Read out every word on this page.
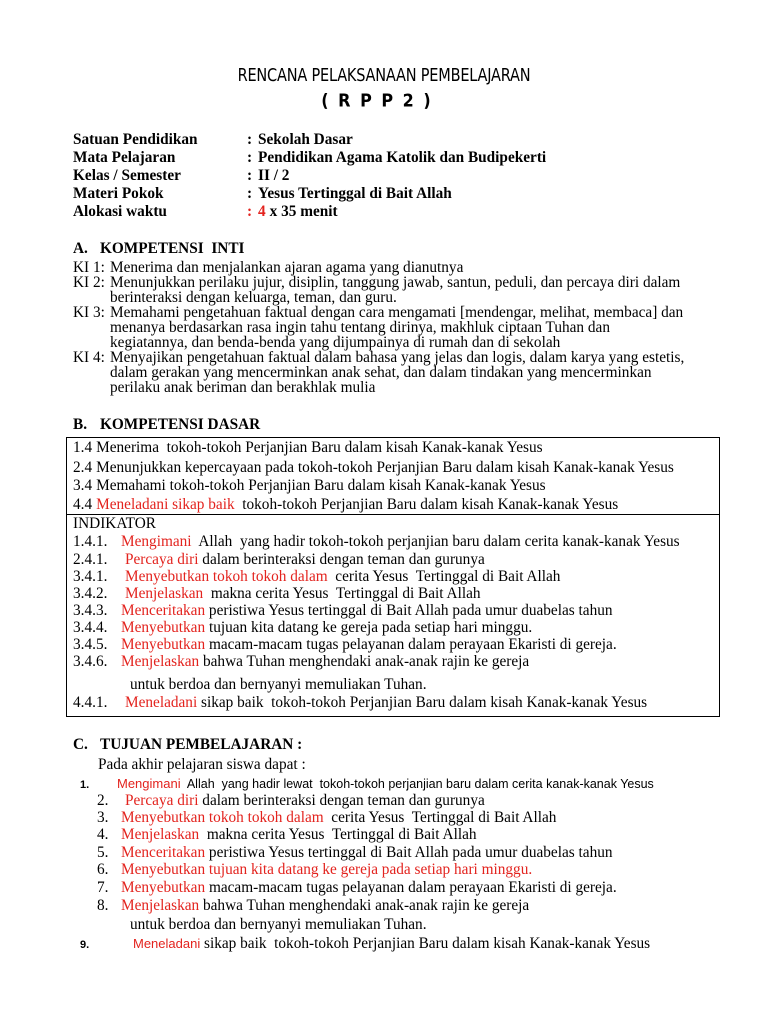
RENCANA PELAKSANAAN PEMBELAJARAN
( R P P 2 )
Satuan Pendidikan	: Sekolah Dasar
Mata Pelajaran	: Pendidikan Agama Katolik dan Budipekerti
Kelas / Semester	: II / 2
Materi Pokok	: Yesus Tertinggal di Bait Allah
Alokasi waktu	: 4 x 35 menit
A. KOMPETENSI  INTI
KI 1: Menerima dan menjalankan ajaran agama yang dianutnya
KI 2: Menunjukkan perilaku jujur, disiplin, tanggung jawab, santun, peduli, dan percaya diri dalam
berinteraksi dengan keluarga, teman, dan guru.
KI 3: Memahami pengetahuan faktual dengan cara mengamati [mendengar, melihat, membaca] dan
menanya berdasarkan rasa ingin tahu tentang dirinya, makhluk ciptaan Tuhan dan
kegiatannya, dan benda-benda yang dijumpainya di rumah dan di sekolah
KI 4: Menyajikan pengetahuan faktual dalam bahasa yang jelas dan logis, dalam karya yang estetis,
dalam gerakan yang mencerminkan anak sehat, dan dalam tindakan yang mencerminkan
perilaku anak beriman dan berakhlak mulia
B. KOMPETENSI DASAR
1.4 Menerima  tokoh-tokoh Perjanjian Baru dalam kisah Kanak-kanak Yesus
2.4 Menunjukkan kepercayaan pada tokoh-tokoh Perjanjian Baru dalam kisah Kanak-kanak Yesus
3.4 Memahami tokoh-tokoh Perjanjian Baru dalam kisah Kanak-kanak Yesus
4.4 Meneladani sikap baik tokoh-tokoh Perjanjian Baru dalam kisah Kanak-kanak Yesus
INDIKATOR
1.4.1. Mengimani Allah  yang hadir tokoh-tokoh perjanjian baru dalam cerita kanak-kanak Yesus
2.4.1.	Percaya diri dalam berinteraksi dengan teman dan gurunya
3.4.1.	Menyebutkan tokoh tokoh dalam cerita Yesus  Tertinggal di Bait Allah
3.4.2.	Menjelaskan makna cerita Yesus  Tertinggal di Bait Allah
3.4.3. Menceritakan peristiwa Yesus tertinggal di Bait Allah pada umur duabelas tahun
3.4.4. Menyebutkan tujuan kita datang ke gereja pada setiap hari minggu.
3.4.5. Menyebutkan macam-macam tugas pelayanan dalam perayaan Ekaristi di gereja.
3.4.6. Menjelaskan bahwa Tuhan menghendaki anak-anak rajin ke gereja
untuk berdoa dan bernyanyi memuliakan Tuhan.
4.4.1.	Meneladani sikap baik  tokoh-tokoh Perjanjian Baru dalam kisah Kanak-kanak Yesus
C. TUJUAN PEMBELAJARAN :
Pada akhir pelajaran siswa dapat :
1.	Mengimani Allah  yang hadir lewat  tokoh-tokoh perjanjian baru dalam cerita kanak-kanak Yesus
2.	Percaya diri dalam berinteraksi dengan teman dan gurunya
3. Menyebutkan tokoh tokoh dalam cerita Yesus  Tertinggal di Bait Allah
4. Menjelaskan makna cerita Yesus  Tertinggal di Bait Allah
5. Menceritakan peristiwa Yesus tertinggal di Bait Allah pada umur duabelas tahun
6. Menyebutkan tujuan kita datang ke gereja pada setiap hari minggu.
7. Menyebutkan macam-macam tugas pelayanan dalam perayaan Ekaristi di gereja.
8. Menjelaskan bahwa Tuhan menghendaki anak-anak rajin ke gereja
untuk berdoa dan bernyanyi memuliakan Tuhan.
9.	Meneladani sikap baik  tokoh-tokoh Perjanjian Baru dalam kisah Kanak-kanak Yesus
